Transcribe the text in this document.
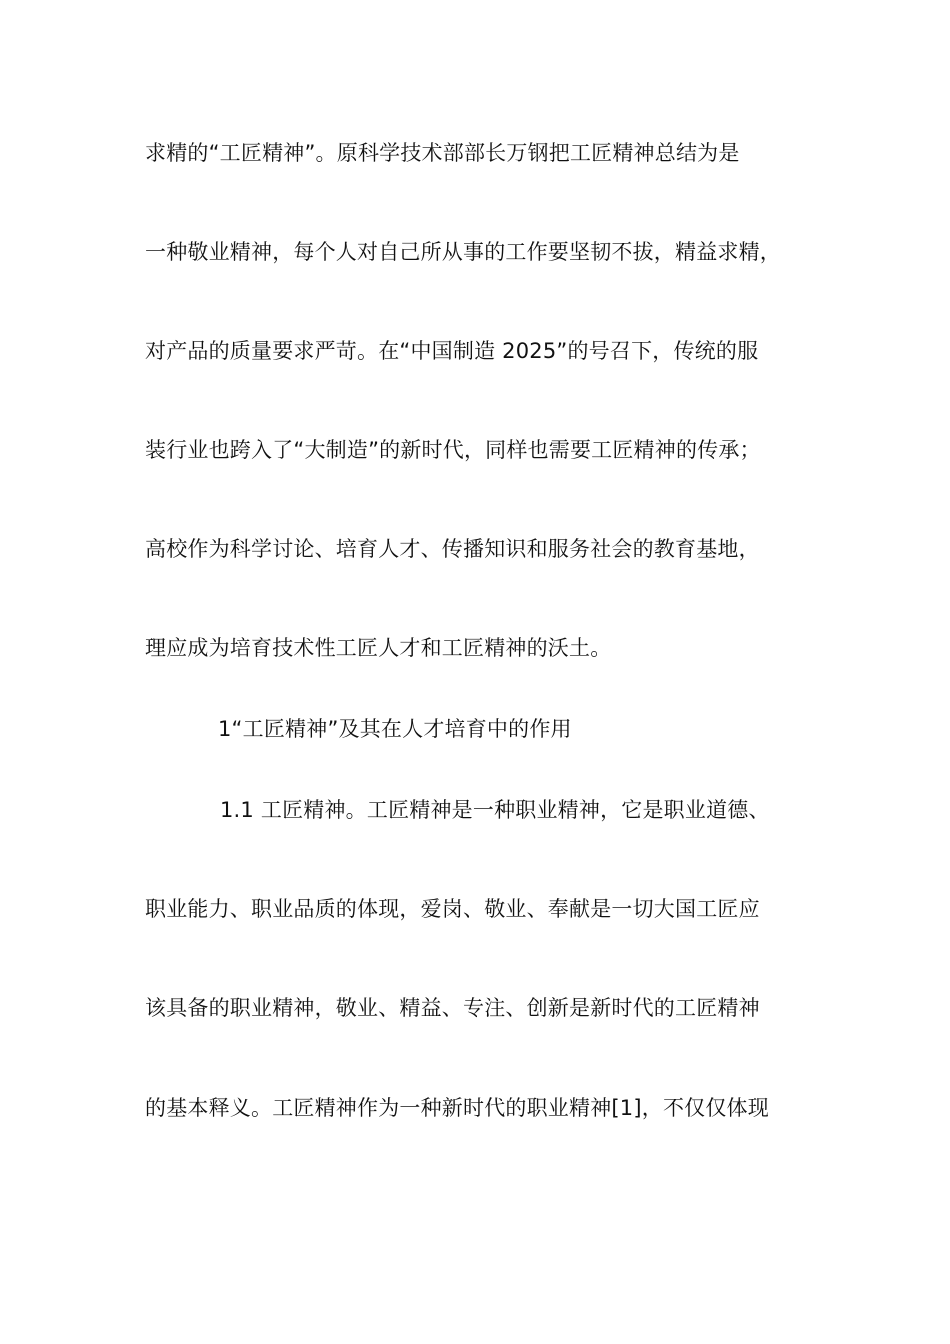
求精的“工匠精神”。原科学技术部部长万钢把工匠精神总结为是
一种敬业精神，每个人对自己所从事的工作要坚韧不拔，精益求精，
对产品的质量要求严苛。在“中国制造 2025”的号召下，传统的服
装行业也跨入了“大制造”的新时代，同样也需要工匠精神的传承；
高校作为科学讨论、培育人才、传播知识和服务社会的教育基地，
理应成为培育技术性工匠人才和工匠精神的沃土。
1“工匠精神”及其在人才培育中的作用
1.1 工匠精神。工匠精神是一种职业精神，它是职业道德、
职业能力、职业品质的体现，爱岗、敬业、奉献是一切大国工匠应
该具备的职业精神，敬业、精益、专注、创新是新时代的工匠精神
的基本释义。工匠精神作为一种新时代的职业精神[1]，不仅仅体现
